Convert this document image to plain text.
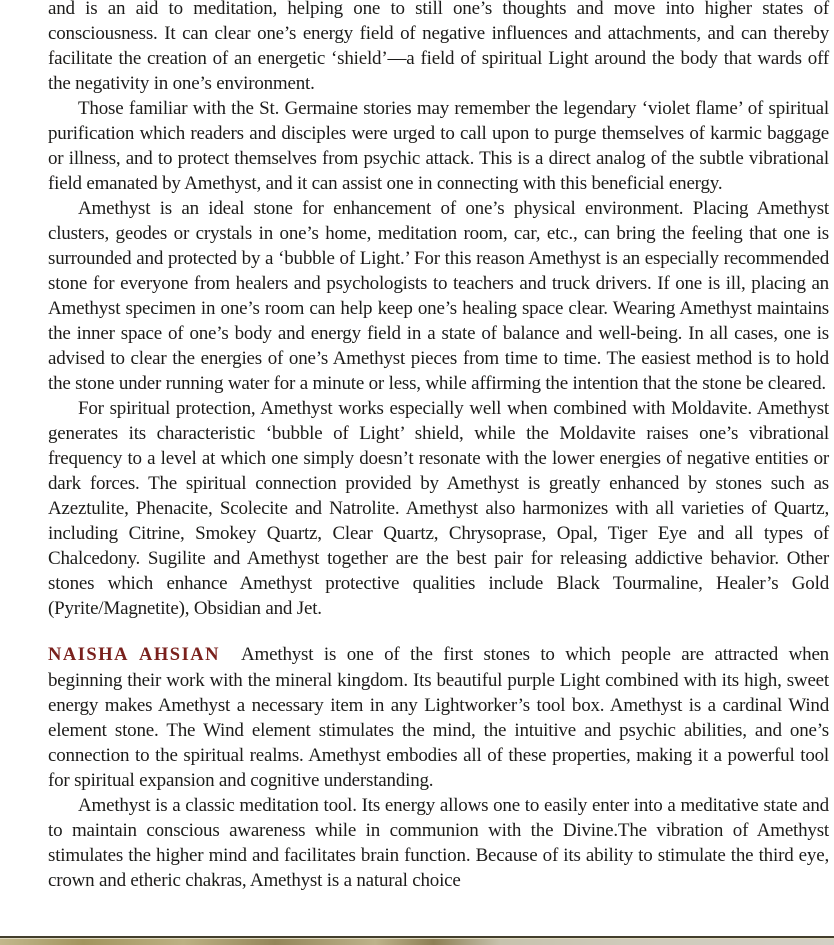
and is an aid to meditation, helping one to still one’s thoughts and move into higher states of consciousness. It can clear one’s energy field of negative influences and attachments, and can thereby facilitate the creation of an energetic ‘shield’—a field of spiritual Light around the body that wards off the negativity in one’s environment.

Those familiar with the St. Germaine stories may remember the legendary ‘violet flame’ of spiritual purification which readers and disciples were urged to call upon to purge themselves of karmic baggage or illness, and to protect themselves from psychic attack. This is a direct analog of the subtle vibrational field emanated by Amethyst, and it can assist one in connecting with this beneficial energy.

Amethyst is an ideal stone for enhancement of one’s physical environment. Placing Amethyst clusters, geodes or crystals in one’s home, meditation room, car, etc., can bring the feeling that one is surrounded and protected by a ‘bubble of Light.’ For this reason Amethyst is an especially recommended stone for everyone from healers and psychologists to teachers and truck drivers. If one is ill, placing an Amethyst specimen in one’s room can help keep one’s healing space clear. Wearing Amethyst maintains the inner space of one’s body and energy field in a state of balance and well-being. In all cases, one is advised to clear the energies of one’s Amethyst pieces from time to time. The easiest method is to hold the stone under running water for a minute or less, while affirming the intention that the stone be cleared.

For spiritual protection, Amethyst works especially well when combined with Moldavite. Amethyst generates its characteristic ‘bubble of Light’ shield, while the Moldavite raises one’s vibrational frequency to a level at which one simply doesn’t resonate with the lower energies of negative entities or dark forces. The spiritual connection provided by Amethyst is greatly enhanced by stones such as Azeztulite, Phenacite, Scolecite and Natrolite. Amethyst also harmonizes with all varieties of Quartz, including Citrine, Smokey Quartz, Clear Quartz, Chrysoprase, Opal, Tiger Eye and all types of Chalcedony. Sugilite and Amethyst together are the best pair for releasing addictive behavior. Other stones which enhance Amethyst protective qualities include Black Tourmaline, Healer’s Gold (Pyrite/Magnetite), Obsidian and Jet.

NAISHA AHSIAN Amethyst is one of the first stones to which people are attracted when beginning their work with the mineral kingdom. Its beautiful purple Light combined with its high, sweet energy makes Amethyst a necessary item in any Lightworker’s tool box. Amethyst is a cardinal Wind element stone. The Wind element stimulates the mind, the intuitive and psychic abilities, and one’s connection to the spiritual realms. Amethyst embodies all of these properties, making it a powerful tool for spiritual expansion and cognitive understanding.

Amethyst is a classic meditation tool. Its energy allows one to easily enter into a meditative state and to maintain conscious awareness while in communion with the Divine.The vibration of Amethyst stimulates the higher mind and facilitates brain function. Because of its ability to stimulate the third eye, crown and etheric chakras, Amethyst is a natural choice
